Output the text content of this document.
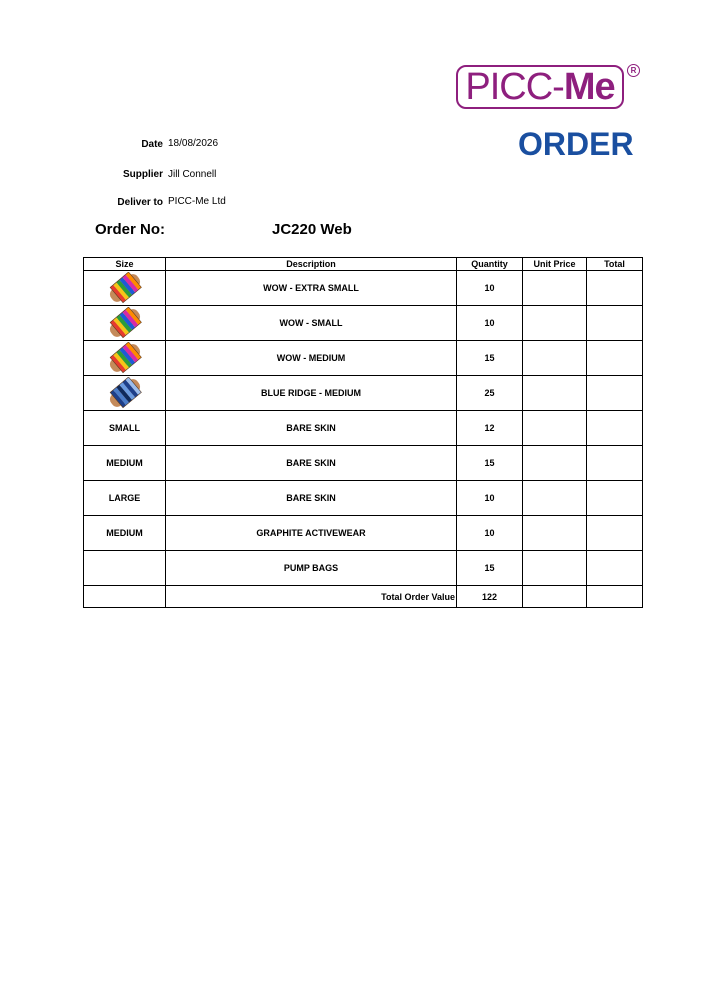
PICC- Me R
ORDER
Date 18/08/2026
Supplier Jill Connell
Deliver to PICC-Me Ltd
Order No:	JC220 Web
Size	Description	Quantity	Unit Price	Total
	WOW - EXTRA SMALL	10		
	WOW - SMALL	10		
	WOW - MEDIUM	15		
	BLUE RIDGE - MEDIUM	25		
SMALL	BARE SKIN	12		
MEDIUM	BARE SKIN	15		
LARGE	BARE SKIN	10		
MEDIUM	GRAPHITE ACTIVEWEAR	10		
	PUMP BAGS	15		
	Total Order Value	122		
